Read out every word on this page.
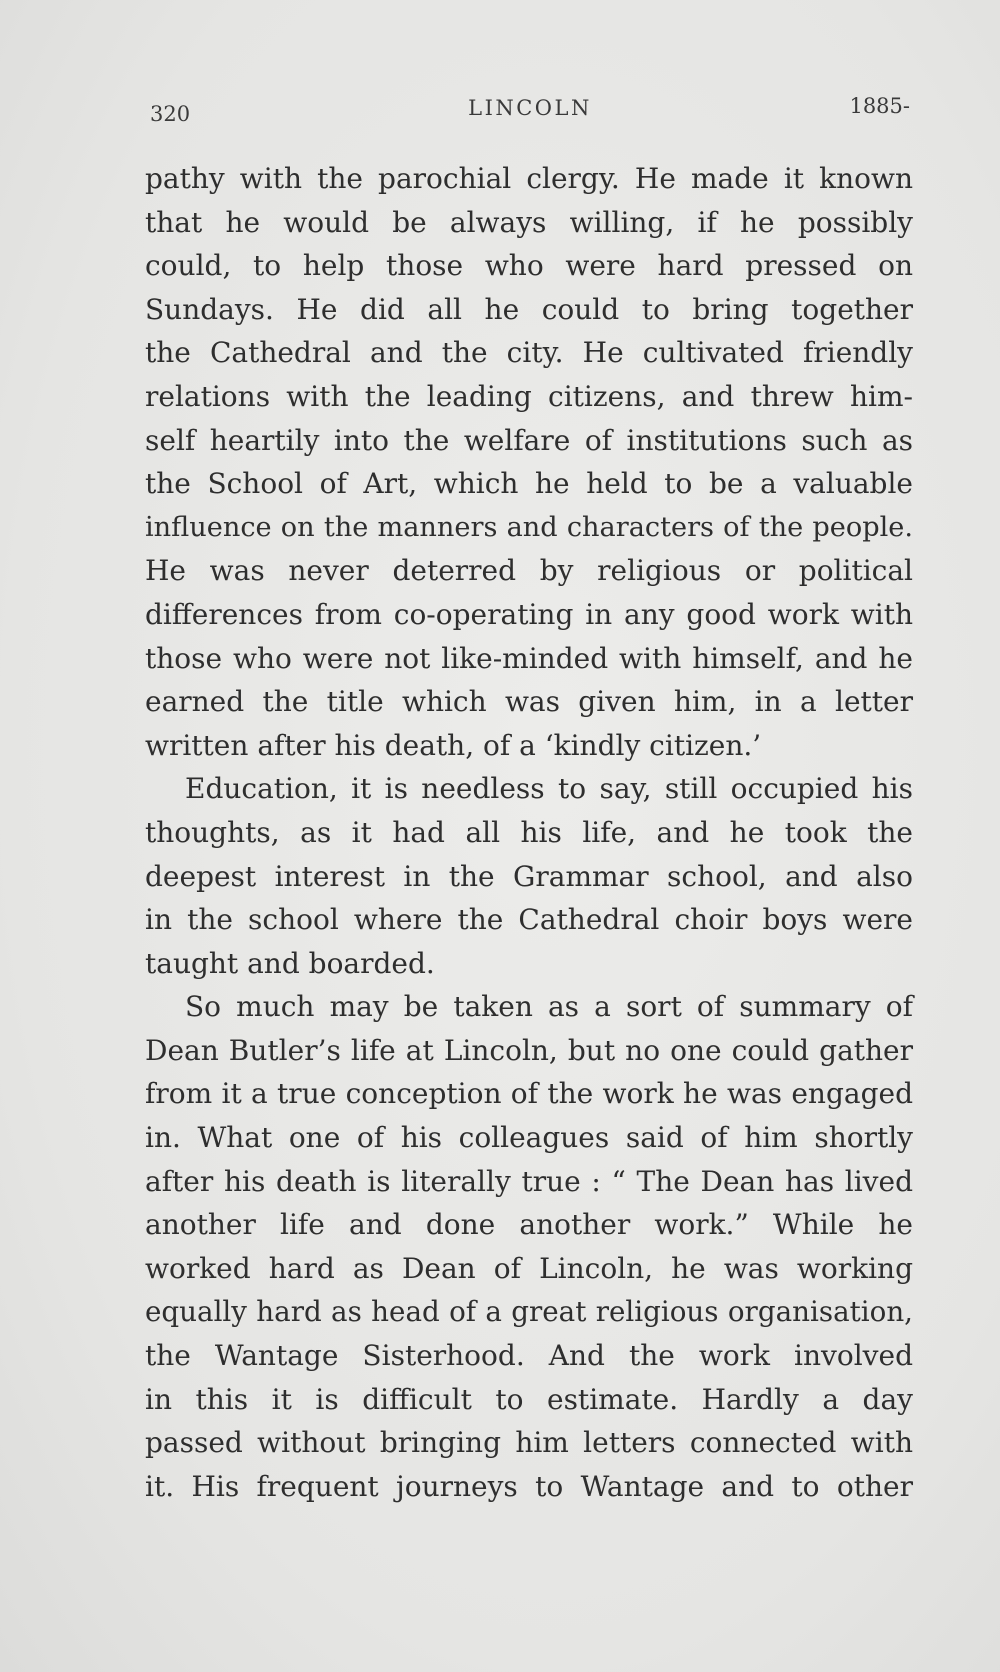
320	LINCOLN	1885-
pathy with the parochial clergy. He made it known
that he would be always willing, if he possibly
could, to help those who were hard pressed on
Sundays. He did all he could to bring together
the Cathedral and the city. He cultivated friendly
relations with the leading citizens, and threw him-
self heartily into the welfare of institutions such as
the School of Art, which he held to be a valuable
influence on the manners and characters of the people.
He was never deterred by religious or political
differences from co-operating in any good work with
those who were not like-minded with himself, and he
earned the title which was given him, in a letter
written after his death, of a ‘kindly citizen.’
Education, it is needless to say, still occupied his
thoughts, as it had all his life, and he took the
deepest interest in the Grammar school, and also
in the school where the Cathedral choir boys were
taught and boarded.
So much may be taken as a sort of summary of
Dean Butler’s life at Lincoln, but no one could gather
from it a true conception of the work he was engaged
in. What one of his colleagues said of him shortly
after his death is literally true : “ The Dean has lived
another life and done another work.” While he
worked hard as Dean of Lincoln, he was working
equally hard as head of a great religious organisation,
the Wantage Sisterhood. And the work involved
in this it is difficult to estimate. Hardly a day
passed without bringing him letters connected with
it. His frequent journeys to Wantage and to other
